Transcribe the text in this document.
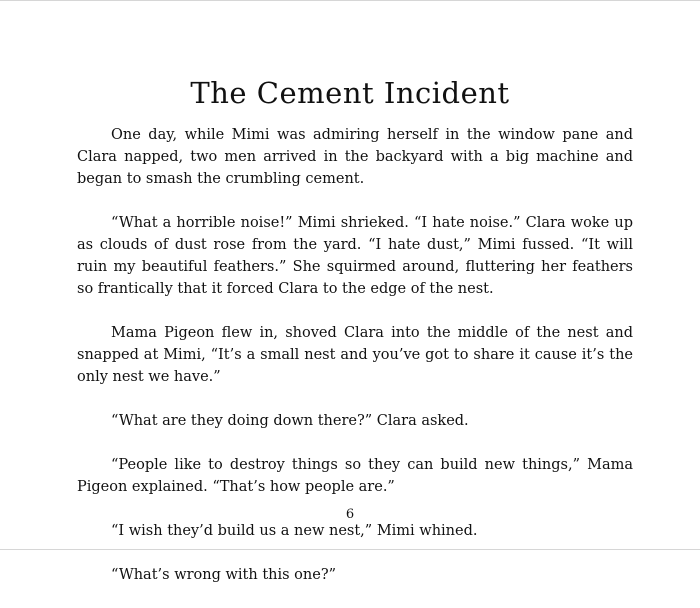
The Cement Incident

One day, while Mimi was admiring herself in the window pane and Clara napped, two men arrived in the backyard with a big machine and began to smash the crumbling cement.

“What a horrible noise!” Mimi shrieked. “I hate noise.” Clara woke up as clouds of dust rose from the yard. “I hate dust,” Mimi fussed. “It will ruin my beautiful feathers.” She squirmed around, fluttering her feathers so frantically that it forced Clara to the edge of the nest.

Mama Pigeon flew in, shoved Clara into the middle of the nest and snapped at Mimi, “It’s a small nest and you’ve got to share it cause it’s the only nest we have.”

“What are they doing down there?” Clara asked.

“People like to destroy things so they can build new things,” Mama Pigeon explained. “That’s how people are.”

“I wish they’d build us a new nest,” Mimi whined.

“What’s wrong with this one?”

6
